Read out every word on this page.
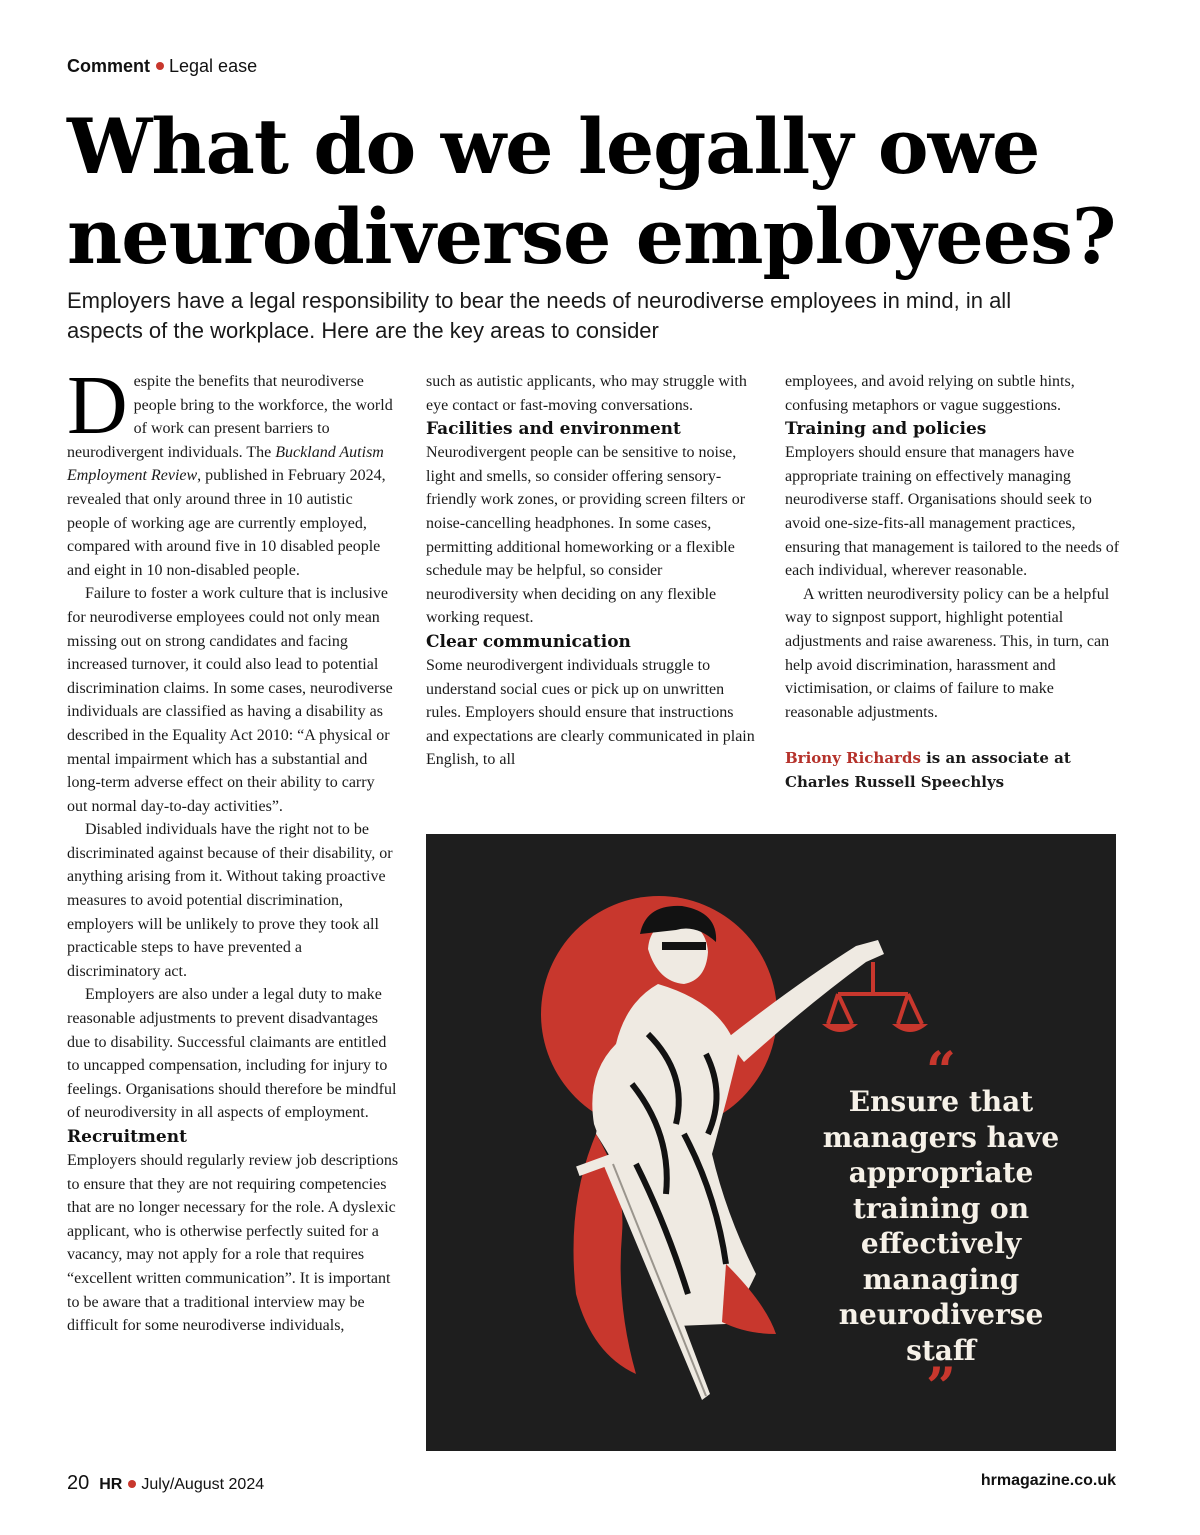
Comment Legal ease
What do we legally owe neurodiverse employees?

Employers have a legal responsibility to bear the needs of neurodiverse employees in mind, in all aspects of the workplace. Here are the key areas to consider

Despite the benefits that neurodiverse people bring to the workforce, the world of work can present barriers to neurodivergent individuals. The Buckland Autism Employment Review, published in February 2024, revealed that only around three in 10 autistic people of working age are currently employed, compared with around five in 10 disabled people and eight in 10 non-disabled people.

Failure to foster a work culture that is inclusive for neurodiverse employees could not only mean missing out on strong candidates and facing increased turnover, it could also lead to potential discrimination claims. In some cases, neurodiverse individuals are classified as having a disability as described in the Equality Act 2010: “A physical or mental impairment which has a substantial and long-term adverse effect on their ability to carry out normal day-to-day activities”.

Disabled individuals have the right not to be discriminated against because of their disability, or anything arising from it. Without taking proactive measures to avoid potential discrimination, employers will be unlikely to prove they took all practicable steps to have prevented a discriminatory act.

Employers are also under a legal duty to make reasonable adjustments to prevent disadvantages due to disability. Successful claimants are entitled to uncapped compensation, including for injury to feelings. Organisations should therefore be mindful of neurodiversity in all aspects of employment.

Recruitment

Employers should regularly review job descriptions to ensure that they are not requiring competencies that are no longer necessary for the role. A dyslexic applicant, who is otherwise perfectly suited for a vacancy, may not apply for a role that requires “excellent written communication”. It is important to be aware that a traditional interview may be difficult for some neurodiverse individuals,

such as autistic applicants, who may struggle with eye contact or fast-moving conversations.

Facilities and environment

Neurodivergent people can be sensitive to noise, light and smells, so consider offering sensory-friendly work zones, or providing screen filters or noise-cancelling headphones. In some cases, permitting additional homeworking or a flexible schedule may be helpful, so consider neurodiversity when deciding on any flexible working request.

Clear communication

Some neurodivergent individuals struggle to understand social cues or pick up on unwritten rules. Employers should ensure that instructions and expectations are clearly communicated in plain English, to all

employees, and avoid relying on subtle hints, confusing metaphors or vague suggestions.

Training and policies

Employers should ensure that managers have appropriate training on effectively managing neurodiverse staff. Organisations should seek to avoid one-size-fits-all management practices, ensuring that management is tailored to the needs of each individual, wherever reasonable.

A written neurodiversity policy can be a helpful way to signpost support, highlight potential adjustments and raise awareness. This, in turn, can help avoid discrimination, harassment and victimisation, or claims of failure to make reasonable adjustments.

Briony Richards is an associate at Charles Russell Speechlys

“
Ensure that managers have appropriate training on effectively managing neurodiverse staff
”
20 HR July/August 2024	hrmagazine.co.uk
